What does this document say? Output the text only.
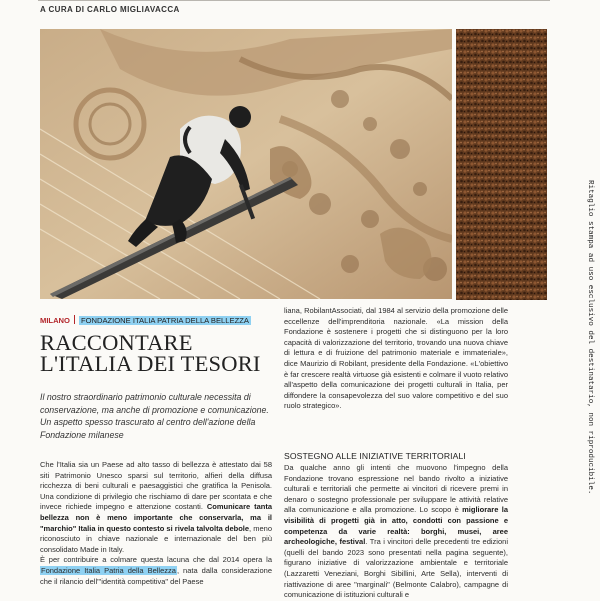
A CURA DI CARLO MIGLIAVACCA
Ritaglio stampa ad uso esclusivo del destinatario, non riproducibile.
MILANO FONDAZIONE ITALIA PATRIA DELLA BELLEZZA
RACCONTARE
L'ITALIA DEI TESORI
Il nostro straordinario patrimonio culturale necessita di conservazione, ma anche di promozione e comunicazione. Un aspetto spesso trascurato al centro dell'azione della Fondazione milanese

Che l'Italia sia un Paese ad alto tasso di bellezza è attestato dai 58 siti Patrimonio Unesco sparsi sul territorio, alfieri della diffusa ricchezza di beni culturali e paesaggistici che gratifica la Penisola. Una condizione di privilegio che rischiamo di dare per scontata e che invece richiede impegno e attenzione costanti. Comunicare tanta bellezza non è meno importante che conservarla, ma il "marchio" Italia in questo contesto si rivela talvolta debole, meno riconosciuto in chiave nazionale e internazionale del ben più consolidato Made in Italy.

È per contribuire a colmare questa lacuna che dal 2014 opera la Fondazione Italia Patria della Bellezza, nata dalla considerazione che il rilancio dell'"identità competitiva" del Paese

liana, RobilantAssociati, dal 1984 al servizio della promozione delle eccellenze dell'imprenditoria nazionale. «La mission della Fondazione è sostenere i progetti che si distinguono per la loro capacità di valorizzazione del territorio, trovando una nuova chiave di lettura e di fruizione del patrimonio materiale e immateriale», dice Maurizio di Robilant, presidente della Fondazione. «L'obiettivo è far crescere realtà virtuose già esistenti e colmare il vuoto relativo all'aspetto della comunicazione dei progetti culturali in Italia, per diffondere la consapevolezza del suo valore competitivo e del suo ruolo strategico».

SOSTEGNO ALLE INIZIATIVE TERRITORIALI

Da qualche anno gli intenti che muovono l'impegno della Fondazione trovano espressione nel bando rivolto a iniziative culturali e territoriali che permette ai vincitori di ricevere premi in denaro o sostegno professionale per sviluppare le attività relative alla comunicazione e alla promozione. Lo scopo è migliorare la visibilità di progetti già in atto, condotti con passione e competenza da varie realtà: borghi, musei, aree archeologiche, festival. Tra i vincitori delle precedenti tre edizioni (quelli del bando 2023 sono presentati nella pagina seguente), figurano iniziative di valorizzazione ambientale e territoriale (Lazzaretti Veneziani, Borghi Sibillini, Arte Sella), interventi di riattivazione di aree "marginali" (Belmonte Calabro), campagne di comunicazione di istituzioni culturali e
